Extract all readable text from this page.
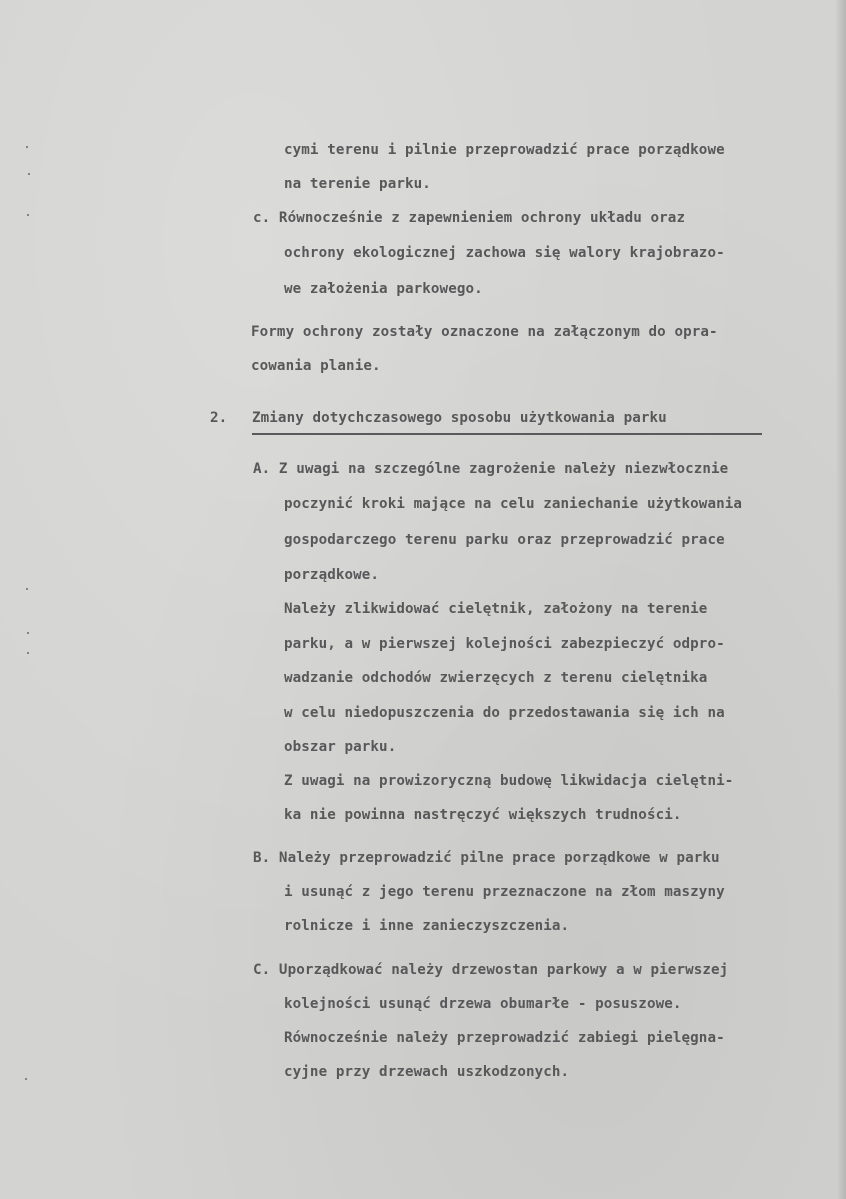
cymi terenu i pilnie przeprowadzić prace porządkowe
na terenie parku.
c. Równocześnie z zapewnieniem ochrony układu oraz
ochrony ekologicznej zachowa się walory krajobrazo-
we założenia parkowego.
Formy ochrony zostały oznaczone na załączonym do opra-
cowania planie.
2. Zmiany dotychczasowego sposobu użytkowania parku
A. Z uwagi na szczególne zagrożenie należy niezwłocznie
poczynić kroki mające na celu zaniechanie użytkowania
gospodarczego terenu parku oraz przeprowadzić prace
porządkowe.
Należy zlikwidować cielętnik, założony na terenie
parku, a w pierwszej kolejności zabezpieczyć odpro-
wadzanie odchodów zwierzęcych z terenu cielętnika
w celu niedopuszczenia do przedostawania się ich na
obszar parku.
Z uwagi na prowizoryczną budowę likwidacja cielętni-
ka nie powinna nastręczyć większych trudności.
B. Należy przeprowadzić pilne prace porządkowe w parku
i usunąć z jego terenu przeznaczone na złom maszyny
rolnicze i inne zanieczyszczenia.
C. Uporządkować należy drzewostan parkowy a w pierwszej
kolejności usunąć drzewa obumarłe - posuszowe.
Równocześnie należy przeprowadzić zabiegi pielęgna-
cyjne przy drzewach uszkodzonych.
